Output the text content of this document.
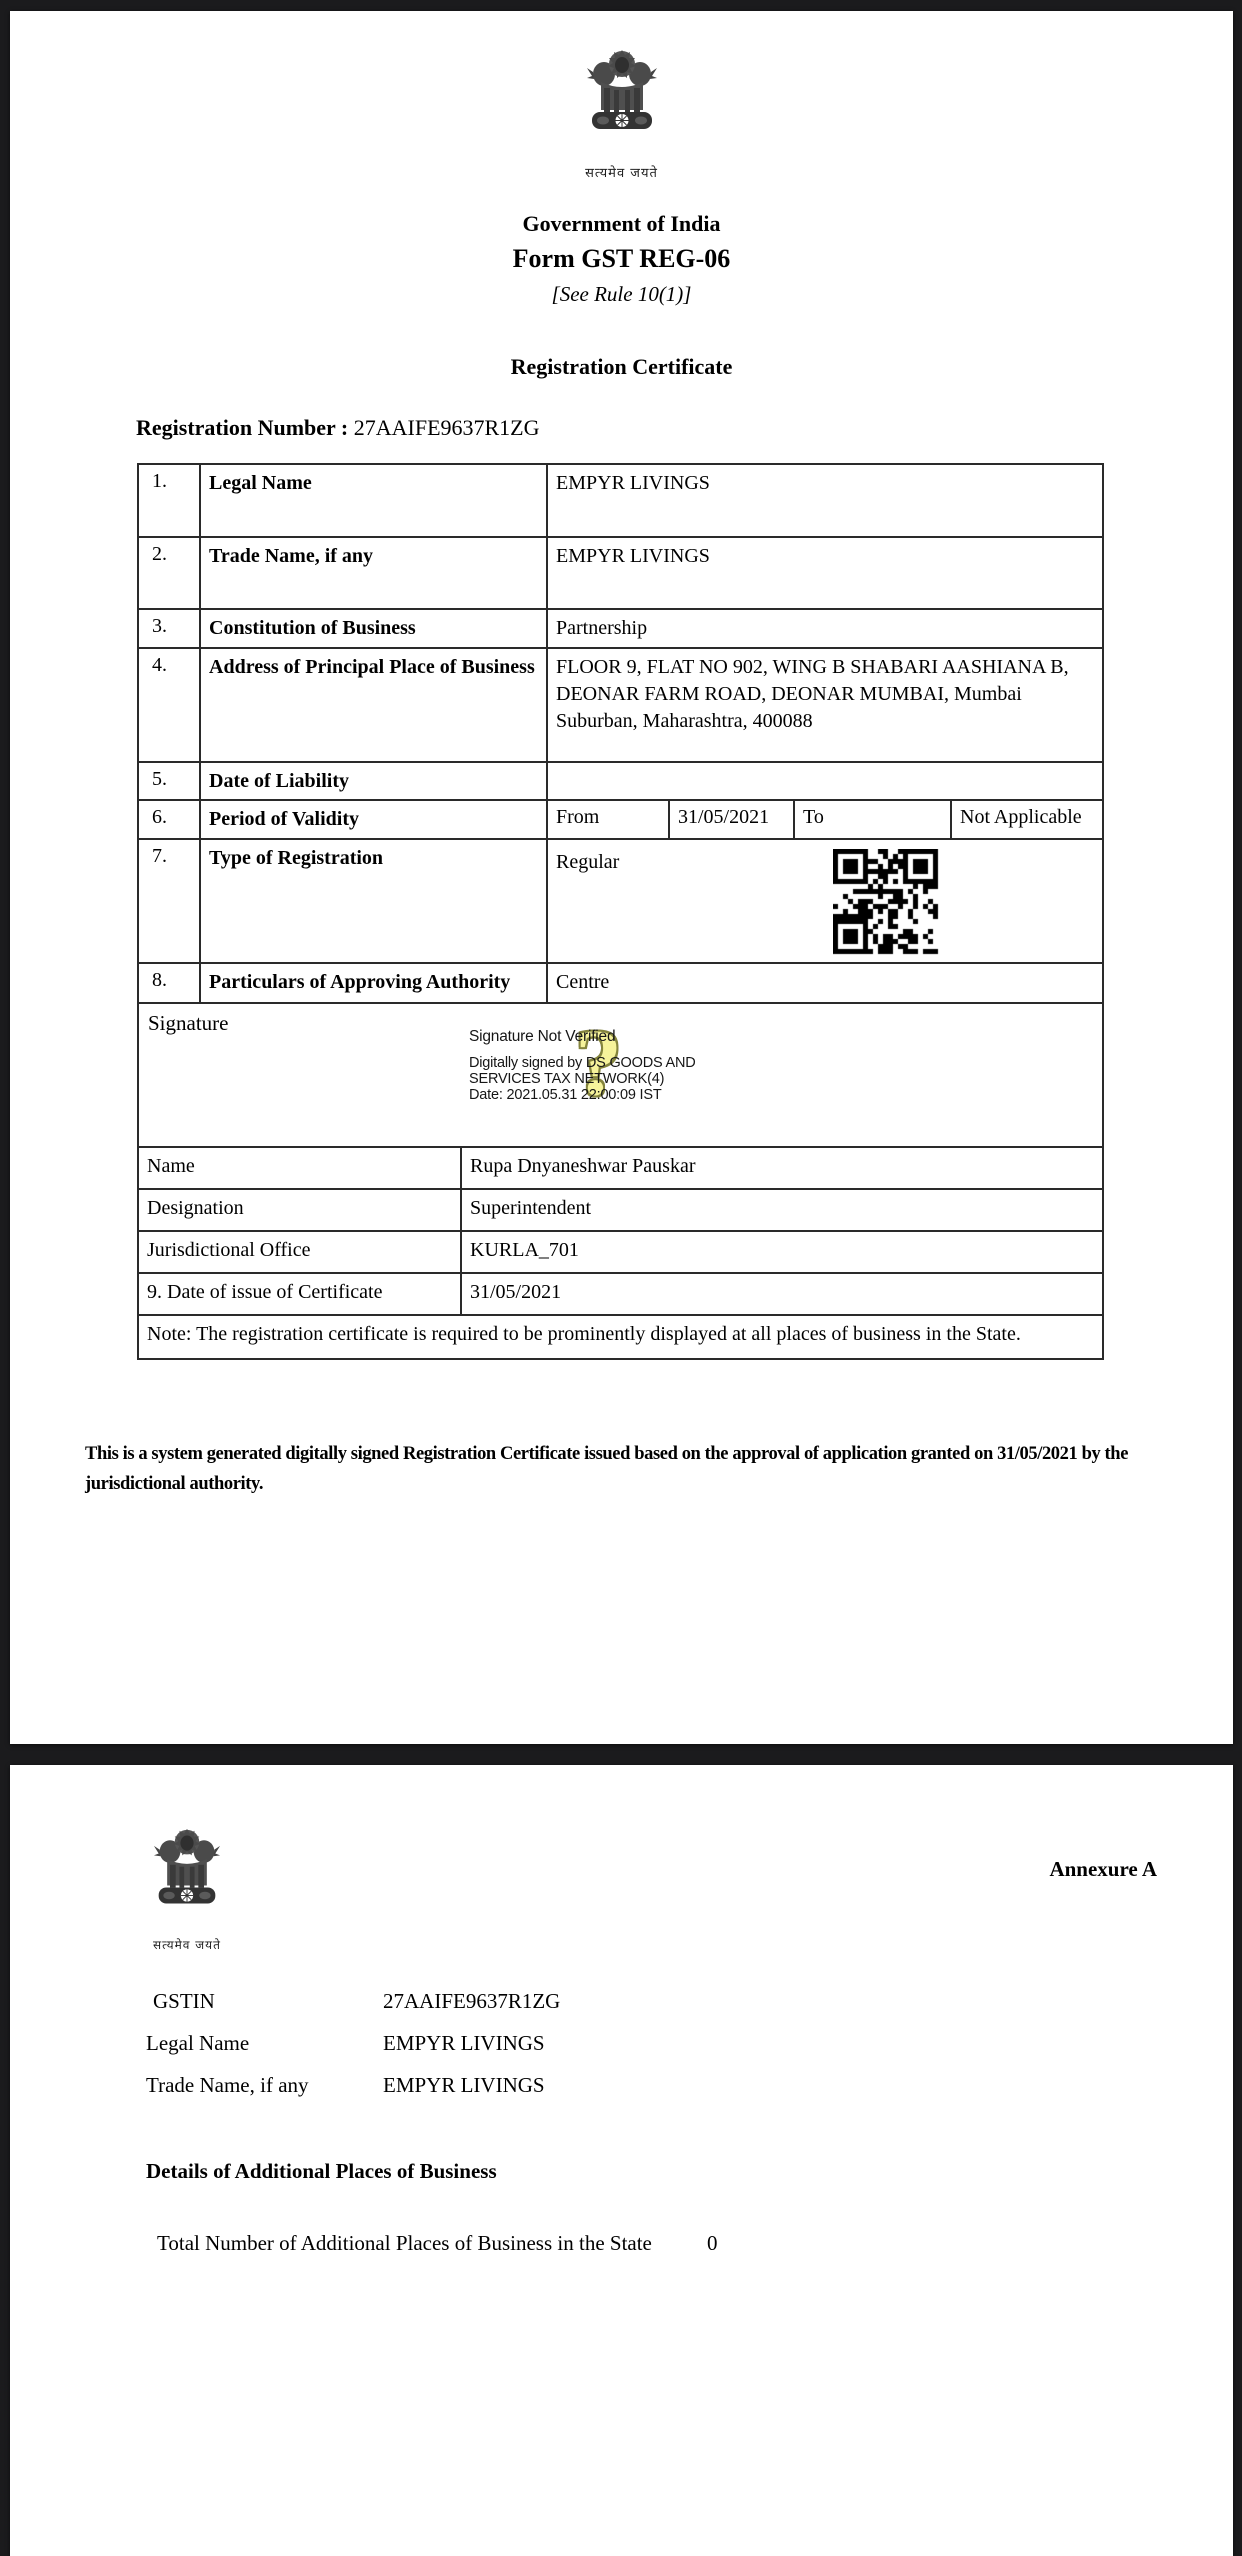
सत्यमेव जयते
Government of India
Form GST REG-06
[See Rule 10(1)]
Registration Certificate
Registration Number : 27AAIFE9637R1ZG
1.	Legal Name	EMPYR LIVINGS
2.	Trade Name, if any	EMPYR LIVINGS
3.	Constitution of Business	Partnership
4.	Address of Principal Place of Business	FLOOR 9, FLAT NO 902, WING B SHABARI AASHIANA B, DEONAR FARM ROAD, DEONAR MUMBAI, Mumbai Suburban, Maharashtra, 400088
5.	Date of Liability
6.	Period of Validity	From	31/05/2021	To	Not Applicable
7.	Type of Registration	Regular
8.	Particulars of Approving Authority	Centre
Signature	?
Signature Not Verified
Digitally signed by DS GOODS AND
SERVICES TAX NETWORK(4)
Date: 2021.05.31 22:00:09 IST
Name	Rupa Dnyaneshwar Pauskar
Designation	Superintendent
Jurisdictional Office	KURLA_701
9. Date of issue of Certificate	31/05/2021
Note: The registration certificate is required to be prominently displayed at all places of business in the State.
This is a system generated digitally signed Registration Certificate issued based on the approval of application granted on 31/05/2021 by the jurisdictional authority.
सत्यमेव जयते
Annexure A
GSTIN	27AAIFE9637R1ZG
Legal Name	EMPYR LIVINGS
Trade Name, if any	EMPYR LIVINGS
Details of Additional Places of Business
Total Number of Additional Places of Business in the State	0
